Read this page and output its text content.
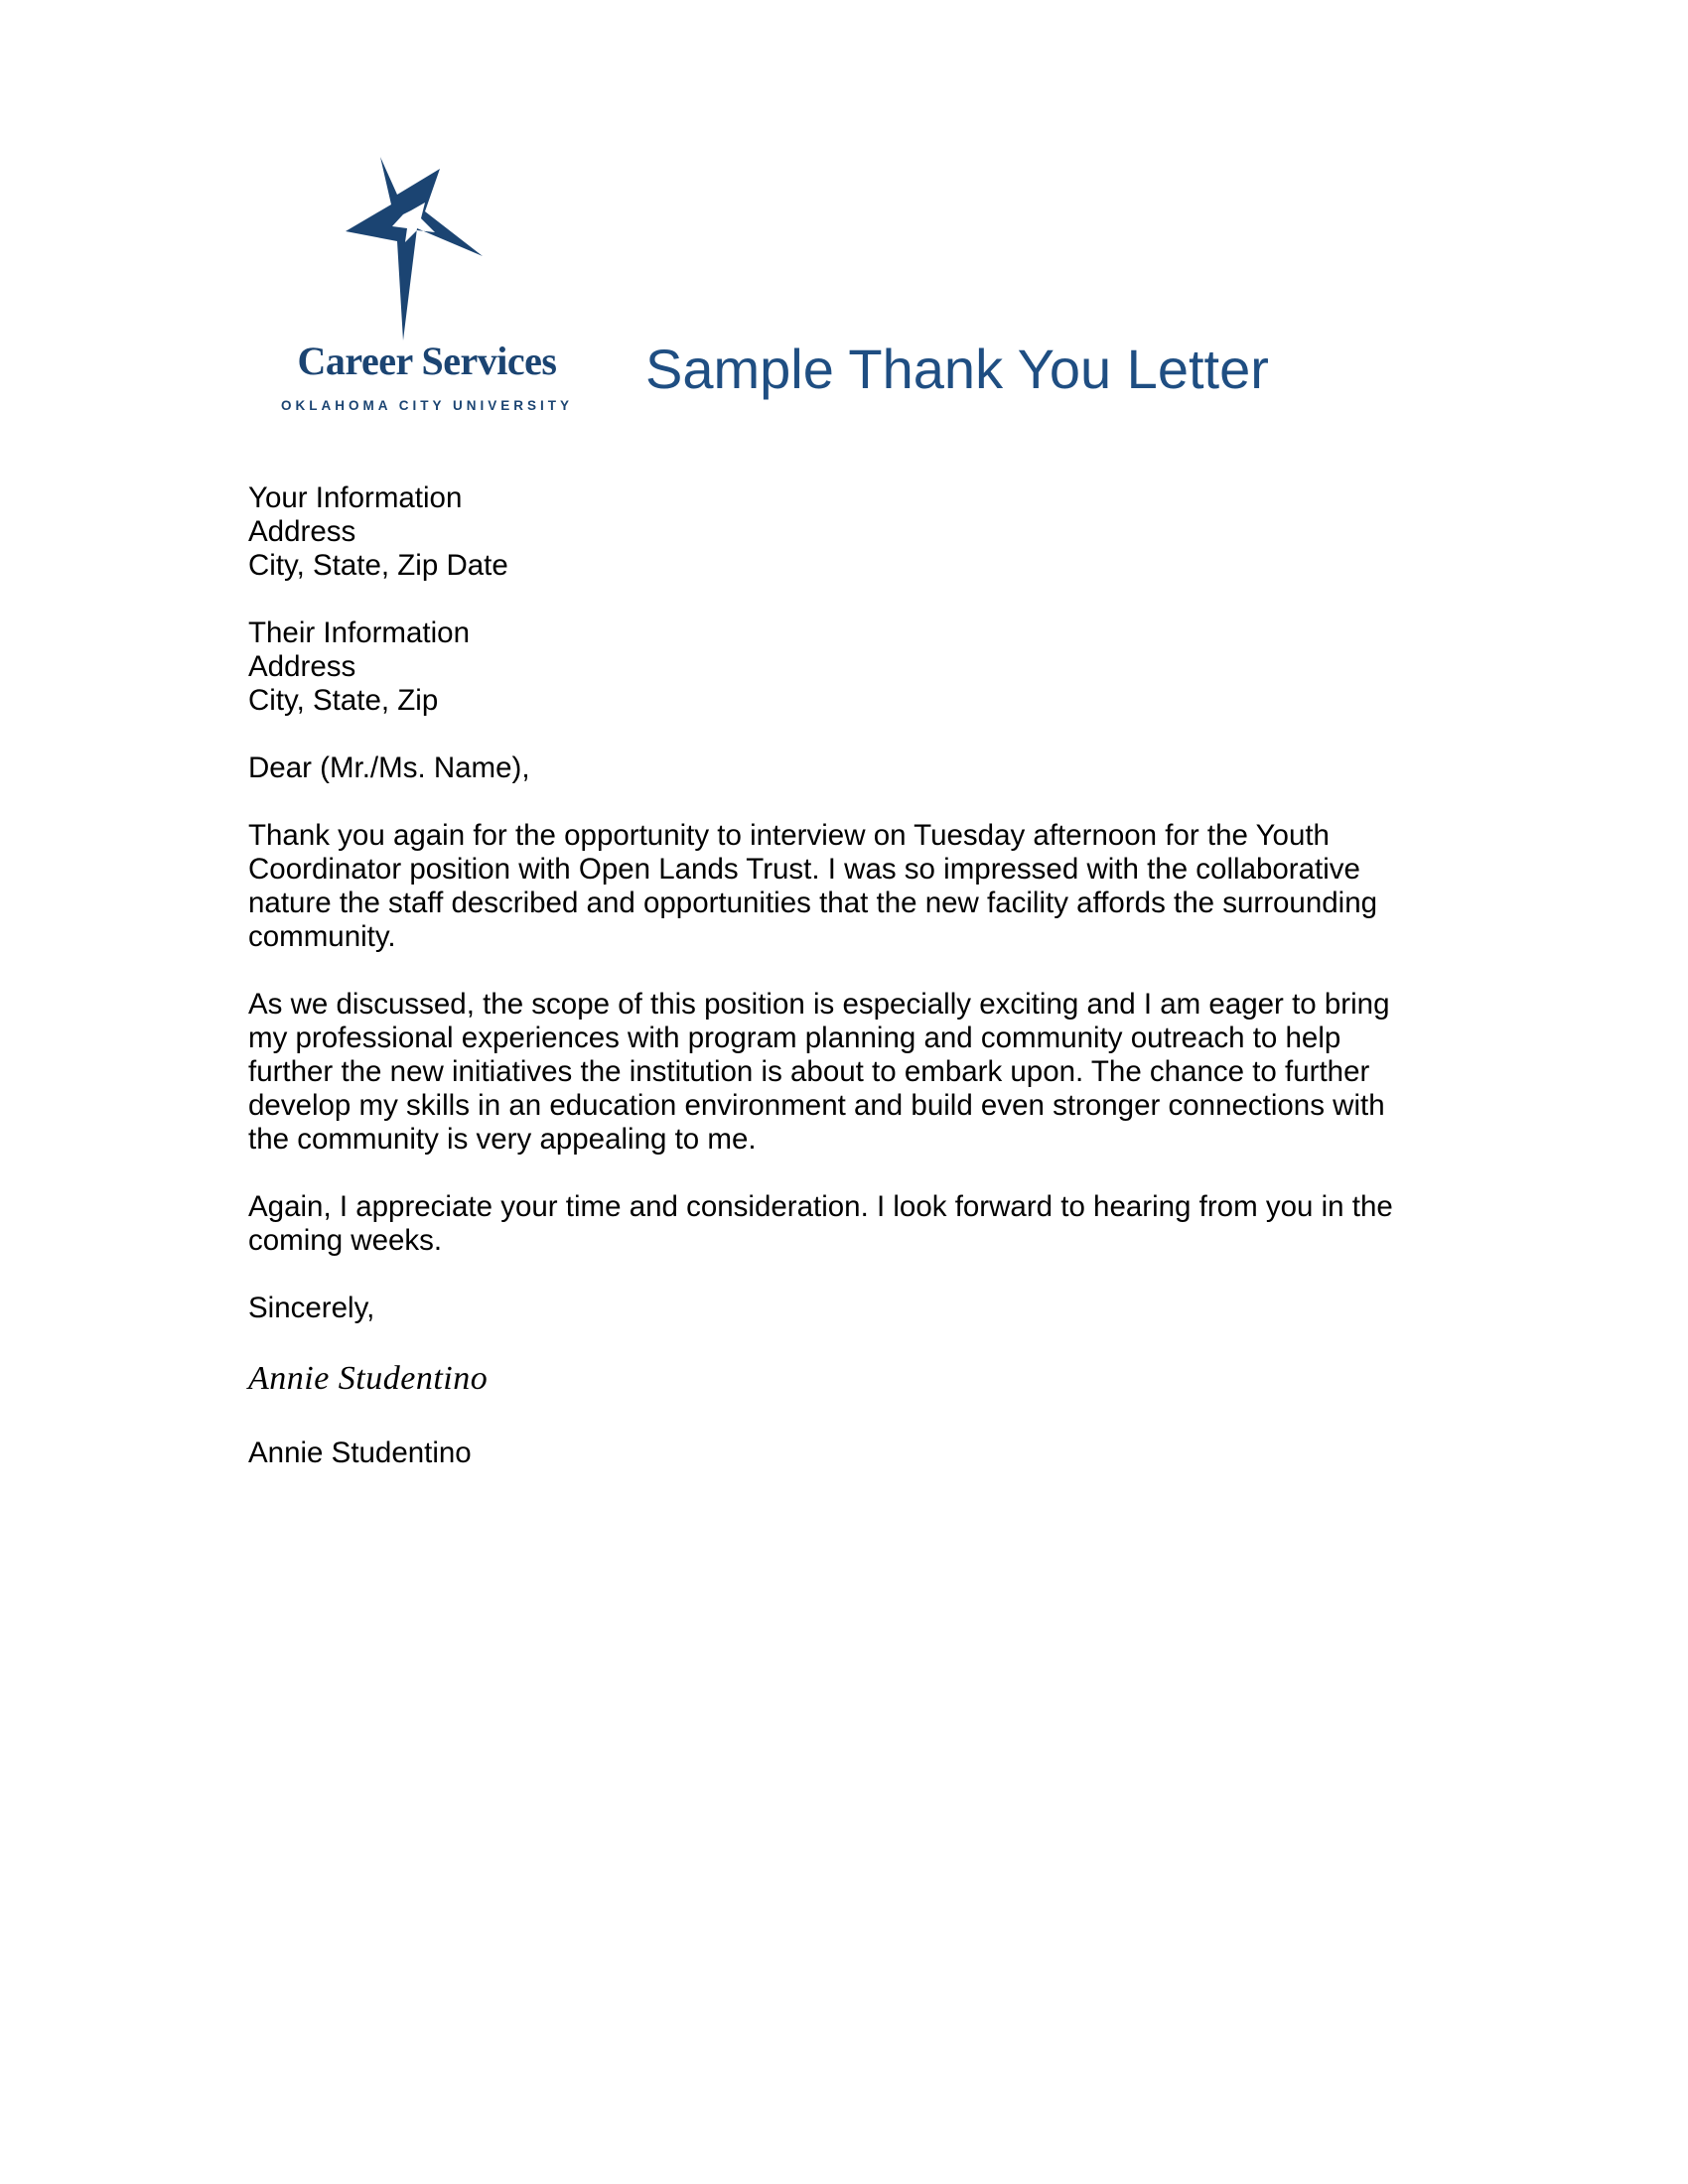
Career Services
OKLAHOMA CITY UNIVERSITY
Sample Thank You Letter
Your Information
Address
City, State, Zip Date
Their Information
Address
City, State, Zip
Dear (Mr./Ms. Name),
Thank you again for the opportunity to interview on Tuesday afternoon for the Youth
Coordinator position with Open Lands Trust. I was so impressed with the collaborative
nature the staff described and opportunities that the new facility affords the surrounding
community.
As we discussed, the scope of this position is especially exciting and I am eager to bring
my professional experiences with program planning and community outreach to help
further the new initiatives the institution is about to embark upon. The chance to further
develop my skills in an education environment and build even stronger connections with
the community is very appealing to me.
Again, I appreciate your time and consideration. I look forward to hearing from you in the
coming weeks.
Sincerely,
Annie Studentino
Annie Studentino
